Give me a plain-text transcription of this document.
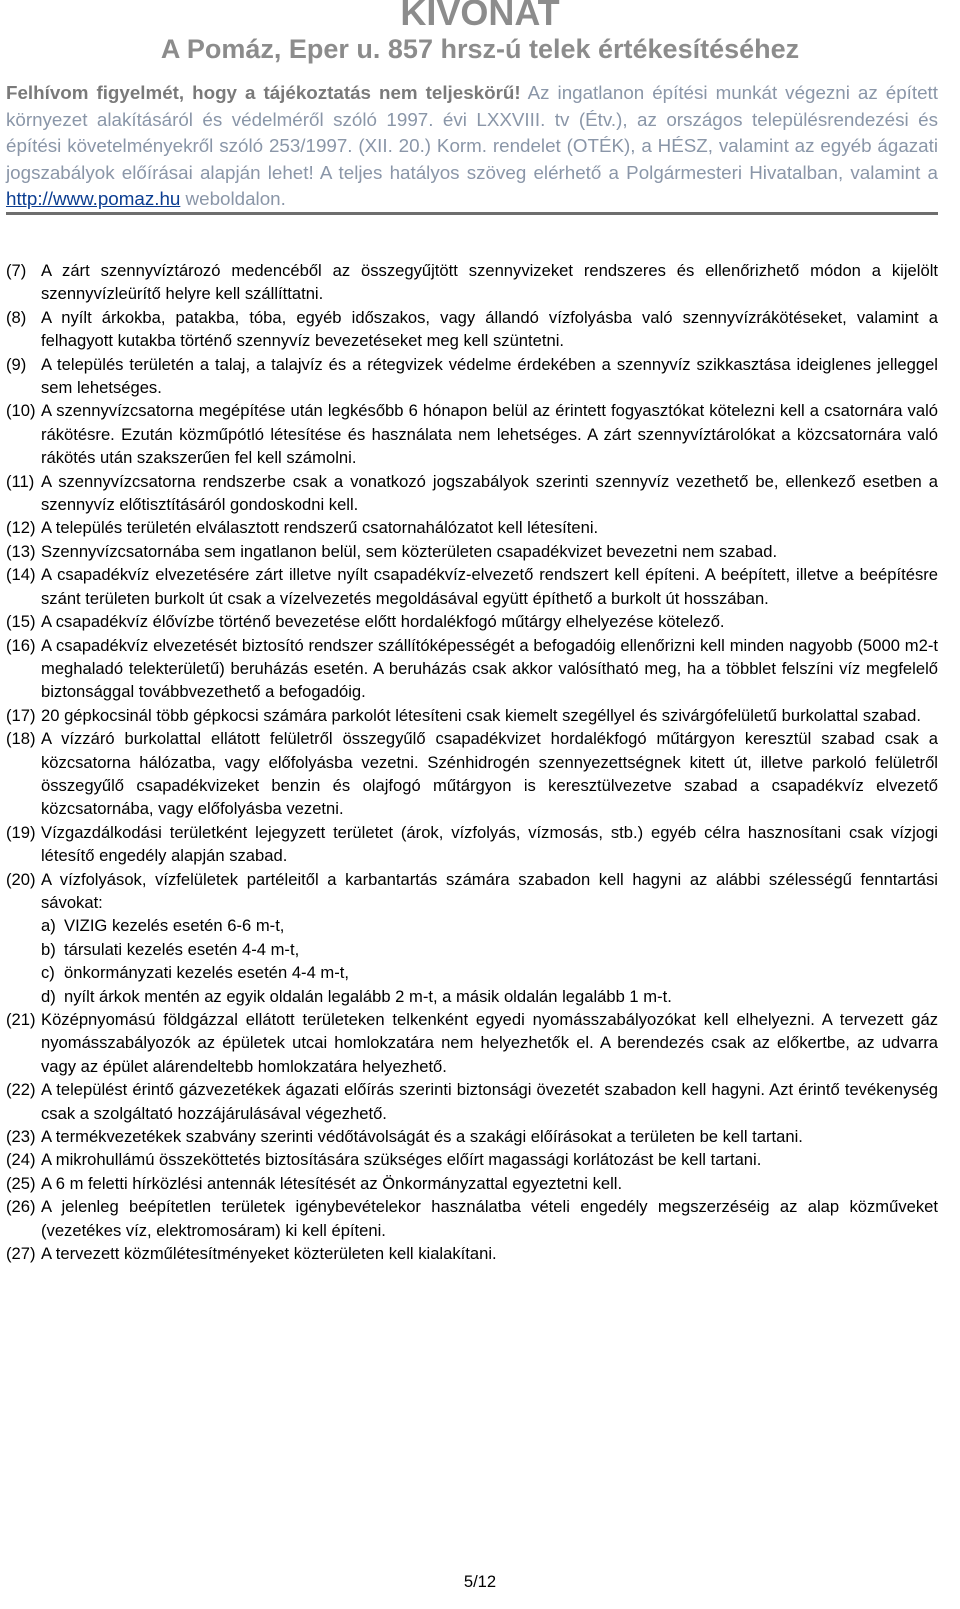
KIVONAT
A Pomáz, Eper u. 857 hrsz-ú telek értékesítéséhez
Felhívom figyelmét, hogy a tájékoztatás nem teljeskörű! Az ingatlanon építési munkát végezni az épített környezet alakításáról és védelméről szóló 1997. évi LXXVIII. tv (Étv.), az országos településrendezési és építési követelményekről szóló 253/1997. (XII. 20.) Korm. rendelet (OTÉK), a HÉSZ, valamint az egyéb ágazati jogszabályok előírásai alapján lehet! A teljes hatályos szöveg elérhető a Polgármesteri Hivatalban, valamint a http://www.pomaz.hu weboldalon.
(7) A zárt szennyvíztározó medencéből az összegyűjtött szennyvizeket rendszeres és ellenőrizhető módon a kijelölt szennyvízleürítő helyre kell szállíttatni.
(8) A nyílt árkokba, patakba, tóba, egyéb időszakos, vagy állandó vízfolyásba való szennyvízrákötéseket, valamint a felhagyott kutakba történő szennyvíz bevezetéseket meg kell szüntetni.
(9) A település területén a talaj, a talajvíz és a rétegvizek védelme érdekében a szennyvíz szikkasztása ideiglenes jelleggel sem lehetséges.
(10) A szennyvízcsatorna megépítése után legkésőbb 6 hónapon belül az érintett fogyasztókat kötelezni kell a csatornára való rákötésre. Ezután közműpótló létesítése és használata nem lehetséges. A zárt szennyvíztárolókat a közcsatornára való rákötés után szakszerűen fel kell számolni.
(11) A szennyvízcsatorna rendszerbe csak a vonatkozó jogszabályok szerinti szennyvíz vezethető be, ellenkező esetben a szennyvíz előtisztításáról gondoskodni kell.
(12) A település területén elválasztott rendszerű csatornahálózatot kell létesíteni.
(13) Szennyvízcsatornába sem ingatlanon belül, sem közterületen csapadékvizet bevezetni nem szabad.
(14) A csapadékvíz elvezetésére zárt illetve nyílt csapadékvíz-elvezető rendszert kell építeni. A beépített, illetve a beépítésre szánt területen burkolt út csak a vízelvezetés megoldásával együtt építhető a burkolt út hosszában.
(15) A csapadékvíz élővízbe történő bevezetése előtt hordalékfogó műtárgy elhelyezése kötelező.
(16) A csapadékvíz elvezetését biztosító rendszer szállítóképességét a befogadóig ellenőrizni kell minden nagyobb (5000 m2-t meghaladó telekterületű) beruházás esetén. A beruházás csak akkor valósítható meg, ha a többlet felszíni víz megfelelő biztonsággal továbbvezethető a befogadóig.
(17) 20 gépkocsinál több gépkocsi számára parkolót létesíteni csak kiemelt szegéllyel és szivárgófelületű burkolattal szabad.
(18) A vízzáró burkolattal ellátott felületről összegyűlő csapadékvizet hordalékfogó műtárgyon keresztül szabad csak a közcsatorna hálózatba, vagy előfolyásba vezetni. Szénhidrogén szennyezettségnek kitett út, illetve parkoló felületről összegyűlő csapadékvizeket benzin és olajfogó műtárgyon is keresztülvezetve szabad a csapadékvíz elvezető közcsatornába, vagy előfolyásba vezetni.
(19) Vízgazdálkodási területként lejegyzett területet (árok, vízfolyás, vízmosás, stb.) egyéb célra hasznosítani csak vízjogi létesítő engedély alapján szabad.
(20) A vízfolyások, vízfelületek partéleitől a karbantartás számára szabadon kell hagyni az alábbi szélességű fenntartási sávokat:
a) VIZIG kezelés esetén 6-6 m-t,
b) társulati kezelés esetén 4-4 m-t,
c) önkormányzati kezelés esetén 4-4 m-t,
d) nyílt árkok mentén az egyik oldalán legalább 2 m-t, a másik oldalán legalább 1 m-t.
(21) Középnyomású földgázzal ellátott területeken telkenként egyedi nyomásszabályozókat kell elhelyezni. A tervezett gáz nyomásszabályozók az épületek utcai homlokzatára nem helyezhetők el. A berendezés csak az előkertbe, az udvarra vagy az épület alárendeltebb homlokzatára helyezhető.
(22) A települést érintő gázvezetékek ágazati előírás szerinti biztonsági övezetét szabadon kell hagyni. Azt érintő tevékenység csak a szolgáltató hozzájárulásával végezhető.
(23) A termékvezetékek szabvány szerinti védőtávolságát és a szakági előírásokat a területen be kell tartani.
(24) A mikrohullámú összeköttetés biztosítására szükséges előírt magassági korlátozást be kell tartani.
(25) A 6 m feletti hírközlési antennák létesítését az Önkormányzattal egyeztetni kell.
(26) A jelenleg beépítetlen területek igénybevételekor használatba vételi engedély megszerzéséig az alap közműveket (vezetékes víz, elektromosáram) ki kell építeni.
(27) A tervezett közműlétesítményeket közterületen kell kialakítani.
5/12
